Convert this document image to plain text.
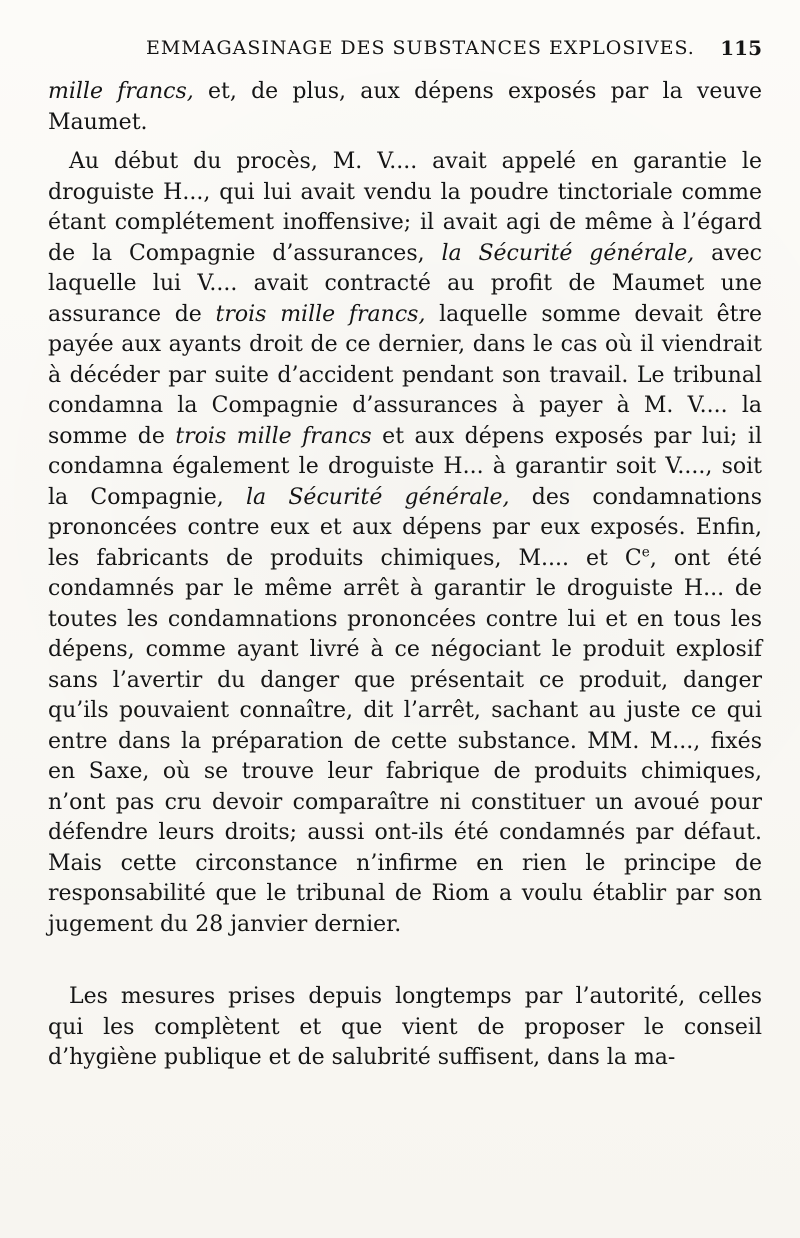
EMMAGASINAGE DES SUBSTANCES EXPLOSIVES. 115

mille francs, et, de plus, aux dépens exposés par la veuve Maumet.

Au début du procès, M. V.... avait appelé en garantie le droguiste H..., qui lui avait vendu la poudre tinctoriale comme étant complétement inoffensive; il avait agi de même à l’égard de la Compagnie d’assurances, la Sécurité générale, avec laquelle lui V.... avait contracté au profit de Maumet une assurance de trois mille francs, laquelle somme devait être payée aux ayants droit de ce dernier, dans le cas où il viendrait à décéder par suite d’accident pendant son travail. Le tribunal condamna la Compagnie d’assurances à payer à M. V.... la somme de trois mille francs et aux dépens exposés par lui; il condamna également le droguiste H... à garantir soit V...., soit la Compagnie, la Sécurité générale, des condamnations prononcées contre eux et aux dépens par eux exposés. Enfin, les fabricants de produits chimiques, M.... et Ce, ont été condamnés par le même arrêt à garantir le droguiste H... de toutes les condamnations prononcées contre lui et en tous les dépens, comme ayant livré à ce négociant le produit explosif sans l’avertir du danger que présentait ce produit, danger qu’ils pouvaient connaître, dit l’arrêt, sachant au juste ce qui entre dans la préparation de cette substance. MM. M..., fixés en Saxe, où se trouve leur fabrique de produits chimiques, n’ont pas cru devoir comparaître ni constituer un avoué pour défendre leurs droits; aussi ont-ils été condamnés par défaut. Mais cette circonstance n’infirme en rien le principe de responsabilité que le tribunal de Riom a voulu établir par son jugement du 28 janvier dernier.

Les mesures prises depuis longtemps par l’autorité, celles qui les complètent et que vient de proposer le conseil d’hygiène publique et de salubrité suffisent, dans la ma-
